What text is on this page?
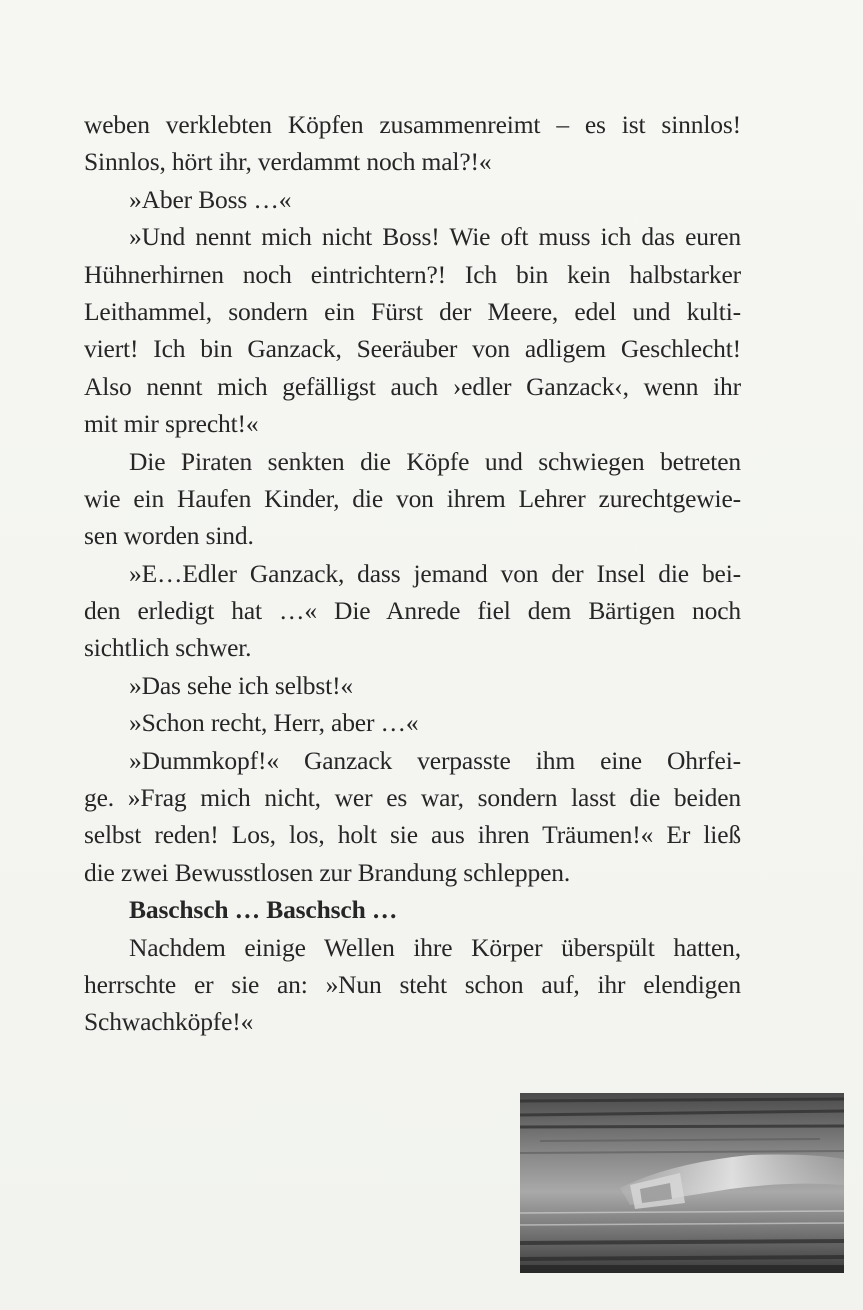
weben verklebten Köpfen zusammenreimt – es ist sinnlos!
Sinnlos, hört ihr, verdammt noch mal?!«
»Aber Boss …«
»Und nennt mich nicht Boss! Wie oft muss ich das euren
Hühnerhirnen noch eintrichtern?! Ich bin kein halbstarker
Leithammel, sondern ein Fürst der Meere, edel und kulti-
viert! Ich bin Ganzack, Seeräuber von adligem Geschlecht!
Also nennt mich gefälligst auch ›edler Ganzack‹, wenn ihr
mit mir sprecht!«
Die Piraten senkten die Köpfe und schwiegen betreten
wie ein Haufen Kinder, die von ihrem Lehrer zurechtgewie-
sen worden sind.
»E…Edler Ganzack, dass jemand von der Insel die bei-
den erledigt hat …« Die Anrede fiel dem Bärtigen noch
sichtlich schwer.
»Das sehe ich selbst!«
»Schon recht, Herr, aber …«
»Dummkopf!« Ganzack verpasste ihm eine Ohrfei-
ge. »Frag mich nicht, wer es war, sondern lasst die beiden
selbst reden! Los, los, holt sie aus ihren Träumen!« Er ließ
die zwei Bewusstlosen zur Brandung schleppen.
Baschsch … Baschsch …
Nachdem einige Wellen ihre Körper überspült hatten,
herrschte er sie an: »Nun steht schon auf, ihr elendigen
Schwachköpfe!«
